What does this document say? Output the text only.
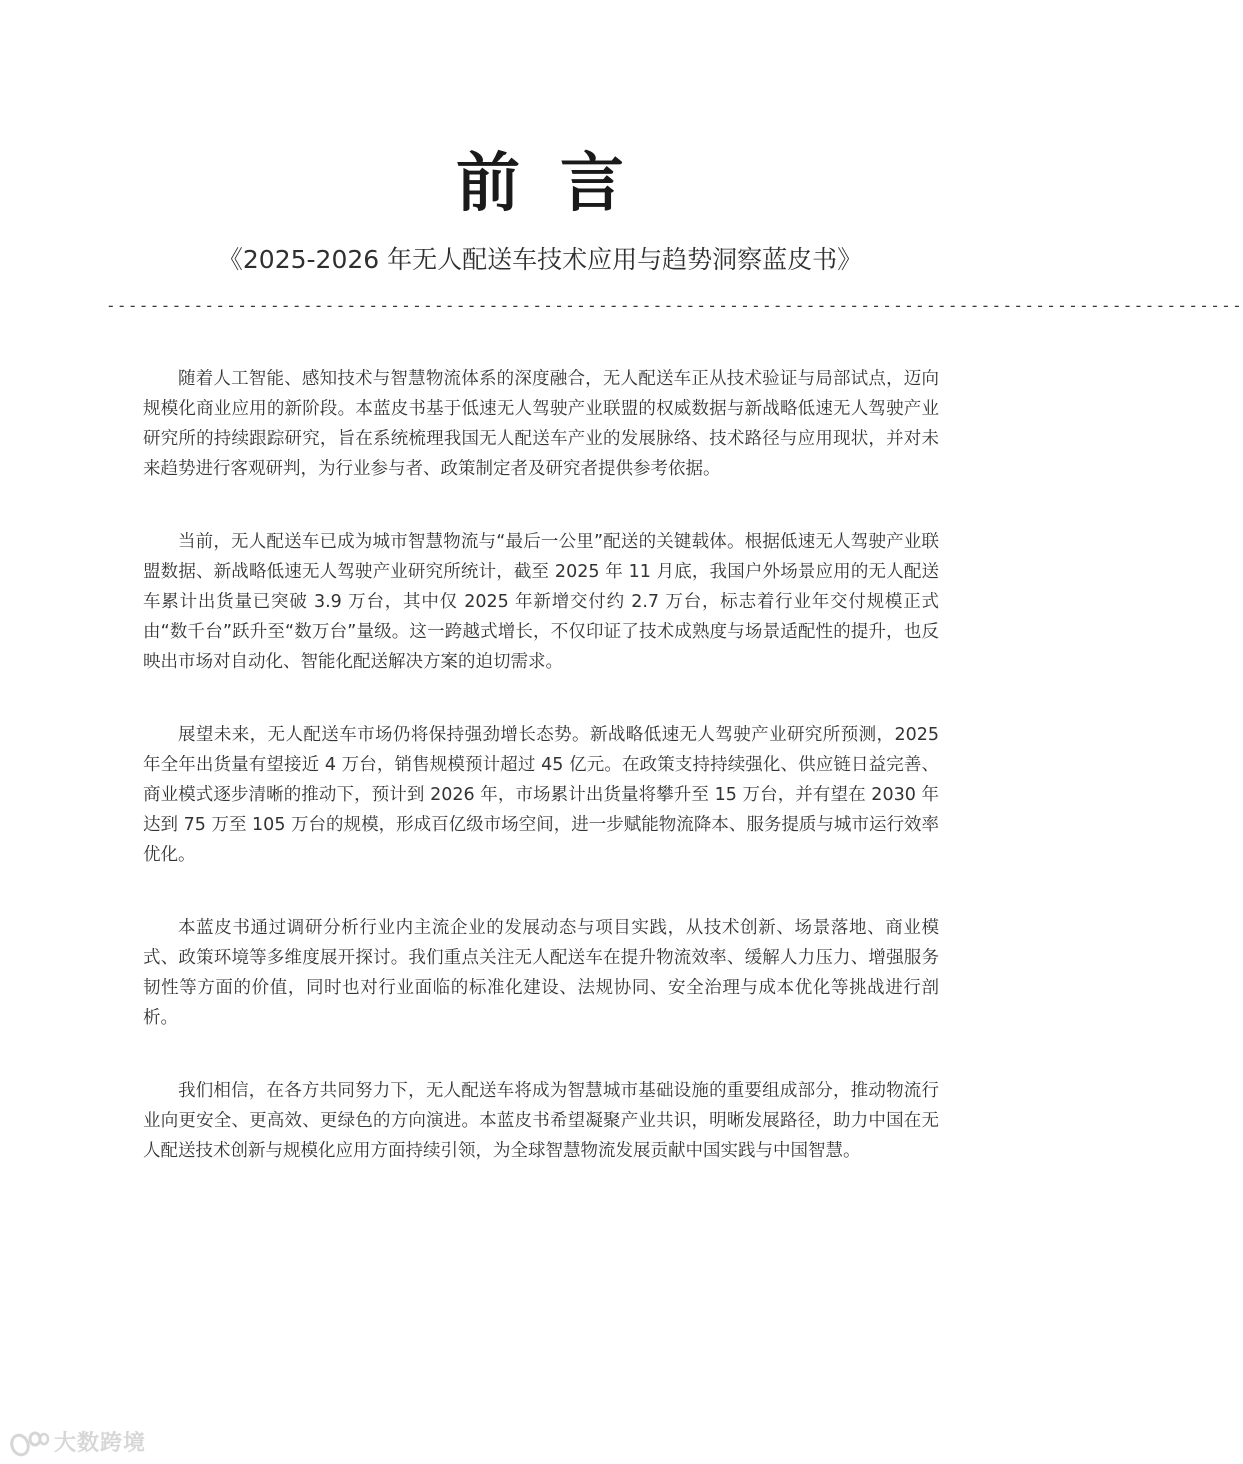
前言
《2025-2026 年无人配送车技术应用与趋势洞察蓝皮书》
--------------------------------------------------------------------------------------------------------

随着人工智能、感知技术与智慧物流体系的深度融合，无人配送车正从技术验证与局部试点，迈向规模化商业应用的新阶段。本蓝皮书基于低速无人驾驶产业联盟的权威数据与新战略低速无人驾驶产业研究所的持续跟踪研究，旨在系统梳理我国无人配送车产业的发展脉络、技术路径与应用现状，并对未来趋势进行客观研判，为行业参与者、政策制定者及研究者提供参考依据。

当前，无人配送车已成为城市智慧物流与“最后一公里”配送的关键载体。根据低速无人驾驶产业联盟数据、新战略低速无人驾驶产业研究所统计，截至 2025 年 11 月底，我国户外场景应用的无人配送车累计出货量已突破 3.9 万台，其中仅 2025 年新增交付约 2.7 万台，标志着行业年交付规模正式由“数千台”跃升至“数万台”量级。这一跨越式增长，不仅印证了技术成熟度与场景适配性的提升，也反映出市场对自动化、智能化配送解决方案的迫切需求。

展望未来，无人配送车市场仍将保持强劲增长态势。新战略低速无人驾驶产业研究所预测，2025 年全年出货量有望接近 4 万台，销售规模预计超过 45 亿元。在政策支持持续强化、供应链日益完善、商业模式逐步清晰的推动下，预计到 2026 年，市场累计出货量将攀升至 15 万台，并有望在 2030 年达到 75 万至 105 万台的规模，形成百亿级市场空间，进一步赋能物流降本、服务提质与城市运行效率优化。

本蓝皮书通过调研分析行业内主流企业的发展动态与项目实践，从技术创新、场景落地、商业模式、政策环境等多维度展开探讨。我们重点关注无人配送车在提升物流效率、缓解人力压力、增强服务韧性等方面的价值，同时也对行业面临的标准化建设、法规协同、安全治理与成本优化等挑战进行剖析。

我们相信，在各方共同努力下，无人配送车将成为智慧城市基础设施的重要组成部分，推动物流行业向更安全、更高效、更绿色的方向演进。本蓝皮书希望凝聚产业共识，明晰发展路径，助力中国在无人配送技术创新与规模化应用方面持续引领，为全球智慧物流发展贡献中国实践与中国智慧。

大数跨境
